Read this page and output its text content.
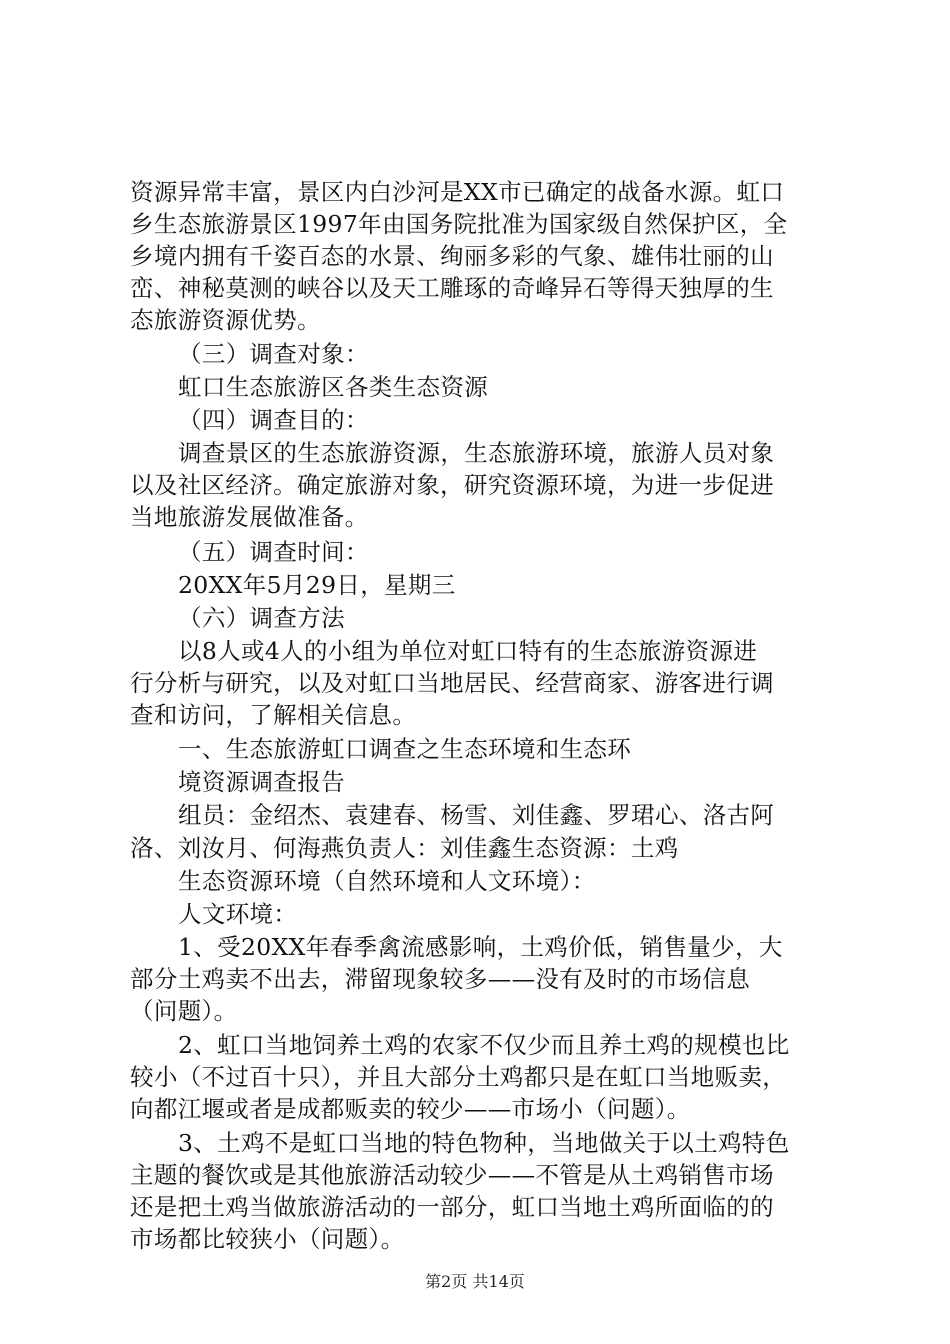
资源异常丰富，景区内白沙河是XX市已确定的战备水源。虹口
乡生态旅游景区1997年由国务院批准为国家级自然保护区，全
乡境内拥有千姿百态的水景、绚丽多彩的气象、雄伟壮丽的山
峦、神秘莫测的峡谷以及天工雕琢的奇峰异石等得天独厚的生
态旅游资源优势。
（三）调查对象：
虹口生态旅游区各类生态资源
（四）调查目的：
调查景区的生态旅游资源，生态旅游环境，旅游人员对象
以及社区经济。确定旅游对象，研究资源环境，为进一步促进
当地旅游发展做准备。
（五）调查时间：
20XX年5月29日，星期三
（六）调查方法
以8人或4人的小组为单位对虹口特有的生态旅游资源进
行分析与研究，以及对虹口当地居民、经营商家、游客进行调
查和访问，了解相关信息。
一、生态旅游虹口调查之生态环境和生态环
境资源调查报告
组员：金绍杰、袁建春、杨雪、刘佳鑫、罗珺心、洛古阿
洛、刘汝月、何海燕负责人：刘佳鑫生态资源：土鸡
生态资源环境（自然环境和人文环境）：
人文环境：
1、受20XX年春季禽流感影响，土鸡价低，销售量少，大
部分土鸡卖不出去，滞留现象较多——没有及时的市场信息
（问题）。
2、虹口当地饲养土鸡的农家不仅少而且养土鸡的规模也比
较小（不过百十只），并且大部分土鸡都只是在虹口当地贩卖，
向都江堰或者是成都贩卖的较少——市场小（问题）。
3、土鸡不是虹口当地的特色物种，当地做关于以土鸡特色
主题的餐饮或是其他旅游活动较少——不管是从土鸡销售市场
还是把土鸡当做旅游活动的一部分，虹口当地土鸡所面临的的
市场都比较狭小（问题）。
第2页 共14页
